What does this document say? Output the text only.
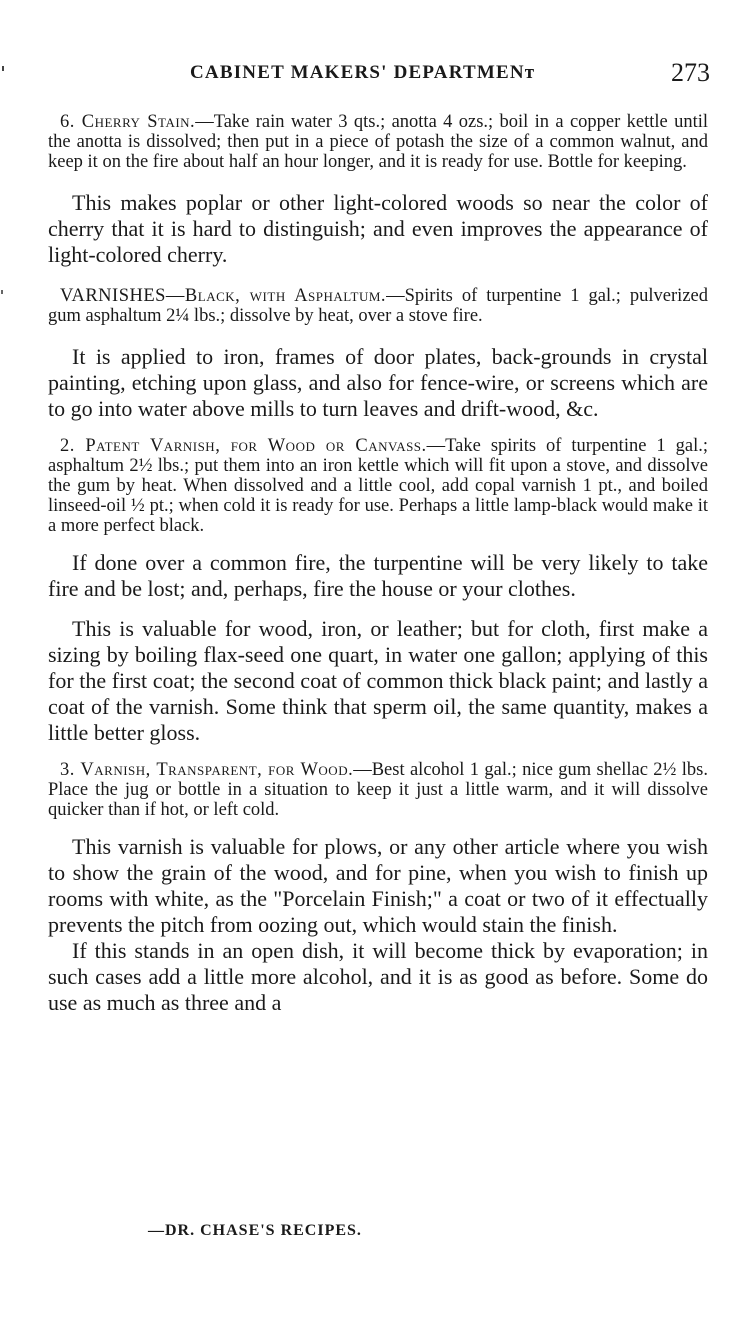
CABINET MAKERS' DEPARTMENᴛ	273

6. Cherry Stain.—Take rain water 3 qts.; anotta 4 ozs.; boil in a copper kettle until the anotta is dissolved; then put in a piece of potash the size of a common walnut, and keep it on the fire about half an hour longer, and it is ready for use. Bottle for keeping.

This makes poplar or other light-colored woods so near the color of cherry that it is hard to distinguish; and even improves the appearance of light-colored cherry.

VARNISHES—Black, with Asphaltum.—Spirits of turpentine 1 gal.; pulverized gum asphaltum 2¼ lbs.; dissolve by heat, over a stove fire.

It is applied to iron, frames of door plates, back-grounds in crystal painting, etching upon glass, and also for fence-wire, or screens which are to go into water above mills to turn leaves and drift-wood, &c.

2. Patent Varnish, for Wood or Canvass.—Take spirits of turpentine 1 gal.; asphaltum 2½ lbs.; put them into an iron kettle which will fit upon a stove, and dissolve the gum by heat. When dissolved and a little cool, add copal varnish 1 pt., and boiled linseed-oil ½ pt.; when cold it is ready for use. Perhaps a little lamp-black would make it a more perfect black.

If done over a common fire, the turpentine will be very likely to take fire and be lost; and, perhaps, fire the house or your clothes.

This is valuable for wood, iron, or leather; but for cloth, first make a sizing by boiling flax-seed one quart, in water one gallon; applying of this for the first coat; the second coat of common thick black paint; and lastly a coat of the varnish. Some think that sperm oil, the same quantity, makes a little better gloss.

3. Varnish, Transparent, for Wood.—Best alcohol 1 gal.; nice gum shellac 2½ lbs. Place the jug or bottle in a situation to keep it just a little warm, and it will dissolve quicker than if hot, or left cold.

This varnish is valuable for plows, or any other article where you wish to show the grain of the wood, and for pine, when you wish to finish up rooms with white, as the "Porcelain Finish;" a coat or two of it effectually prevents the pitch from oozing out, which would stain the finish.

If this stands in an open dish, it will become thick by evaporation; in such cases add a little more alcohol, and it is as good as before. Some do use as much as three and a

—DR. CHASE'S RECIPES.
